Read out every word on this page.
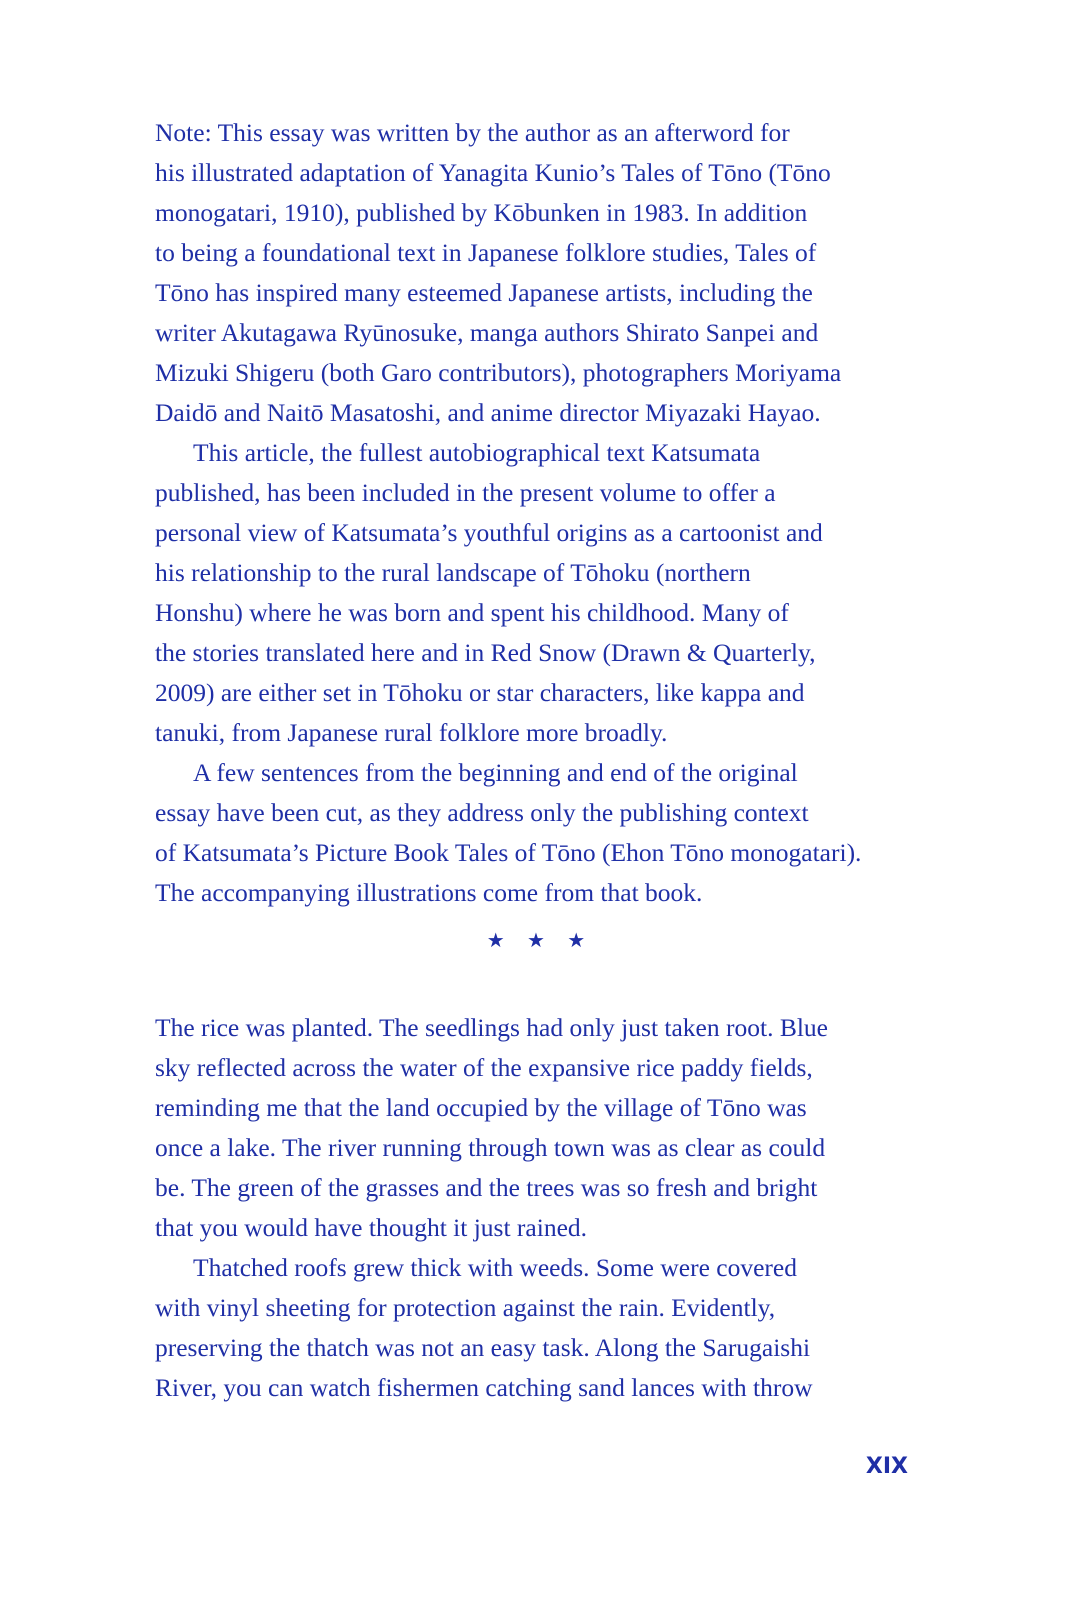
Note: This essay was written by the author as an afterword for
his illustrated adaptation of Yanagita Kunio’s Tales of Tōno (Tōno
monogatari, 1910), published by Kōbunken in 1983. In addition
to being a foundational text in Japanese folklore studies, Tales of
Tōno has inspired many esteemed Japanese artists, including the
writer Akutagawa Ryūnosuke, manga authors Shirato Sanpei and
Mizuki Shigeru (both Garo contributors), photographers Moriyama
Daidō and Naitō Masatoshi, and anime director Miyazaki Hayao.
This article, the fullest autobiographical text Katsumata
published, has been included in the present volume to offer a
personal view of Katsumata’s youthful origins as a cartoonist and
his relationship to the rural landscape of Tōhoku (northern
Honshu) where he was born and spent his childhood. Many of
the stories translated here and in Red Snow (Drawn & Quarterly,
2009) are either set in Tōhoku or star characters, like kappa and
tanuki, from Japanese rural folklore more broadly.
A few sentences from the beginning and end of the original
essay have been cut, as they address only the publishing context
of Katsumata’s Picture Book Tales of Tōno (Ehon Tōno monogatari).
The accompanying illustrations come from that book.
★ ★ ★
The rice was planted. The seedlings had only just taken root. Blue
sky reflected across the water of the expansive rice paddy fields,
reminding me that the land occupied by the village of Tōno was
once a lake. The river running through town was as clear as could
be. The green of the grasses and the trees was so fresh and bright
that you would have thought it just rained.
Thatched roofs grew thick with weeds. Some were covered
with vinyl sheeting for protection against the rain. Evidently,
preserving the thatch was not an easy task. Along the Sarugaishi
River, you can watch fishermen catching sand lances with throw
XIX
